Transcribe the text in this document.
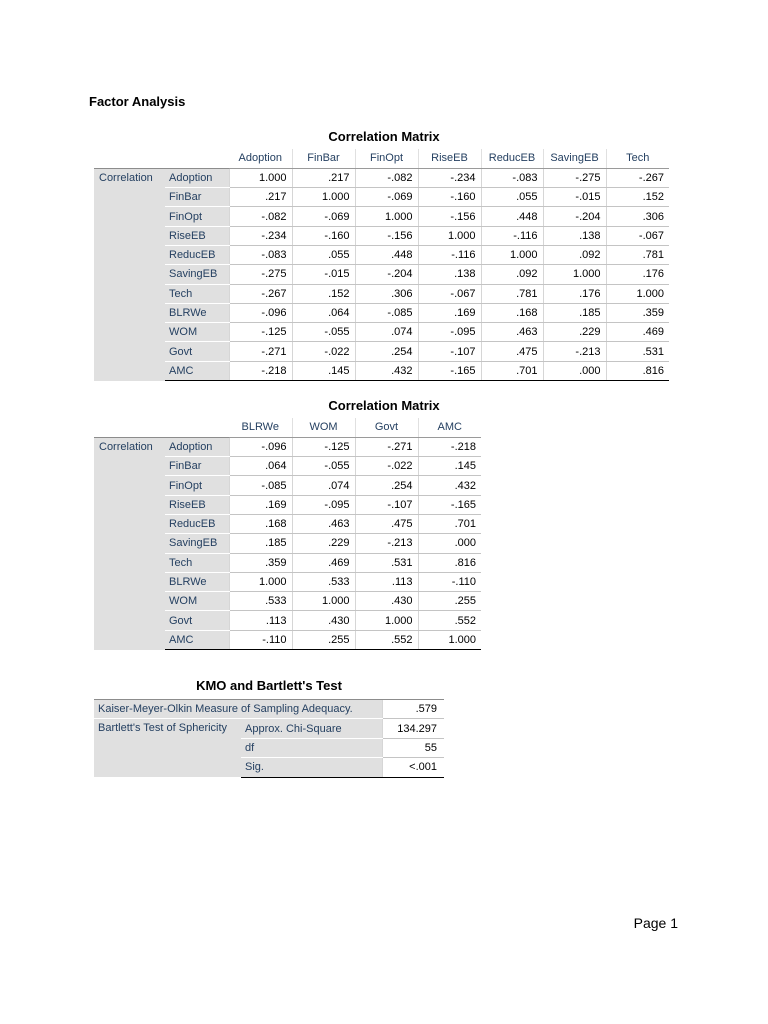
Factor Analysis
Correlation Matrix
		Adoption	FinBar	FinOpt	RiseEB	ReducEB	SavingEB	Tech
Correlation	Adoption	1.000	.217	-.082	-.234	-.083	-.275	-.267
	FinBar	.217	1.000	-.069	-.160	.055	-.015	.152
	FinOpt	-.082	-.069	1.000	-.156	.448	-.204	.306
	RiseEB	-.234	-.160	-.156	1.000	-.116	.138	-.067
	ReducEB	-.083	.055	.448	-.116	1.000	.092	.781
	SavingEB	-.275	-.015	-.204	.138	.092	1.000	.176
	Tech	-.267	.152	.306	-.067	.781	.176	1.000
	BLRWe	-.096	.064	-.085	.169	.168	.185	.359
	WOM	-.125	-.055	.074	-.095	.463	.229	.469
	Govt	-.271	-.022	.254	-.107	.475	-.213	.531
	AMC	-.218	.145	.432	-.165	.701	.000	.816
Correlation Matrix
		BLRWe	WOM	Govt	AMC
Correlation	Adoption	-.096	-.125	-.271	-.218
	FinBar	.064	-.055	-.022	.145
	FinOpt	-.085	.074	.254	.432
	RiseEB	.169	-.095	-.107	-.165
	ReducEB	.168	.463	.475	.701
	SavingEB	.185	.229	-.213	.000
	Tech	.359	.469	.531	.816
	BLRWe	1.000	.533	.113	-.110
	WOM	.533	1.000	.430	.255
	Govt	.113	.430	1.000	.552
	AMC	-.110	.255	.552	1.000
KMO and Bartlett's Test
Kaiser-Meyer-Olkin Measure of Sampling Adequacy.		.579
Bartlett's Test of Sphericity	Approx. Chi-Square	134.297
	df	55
	Sig.	<.001
Page 1
